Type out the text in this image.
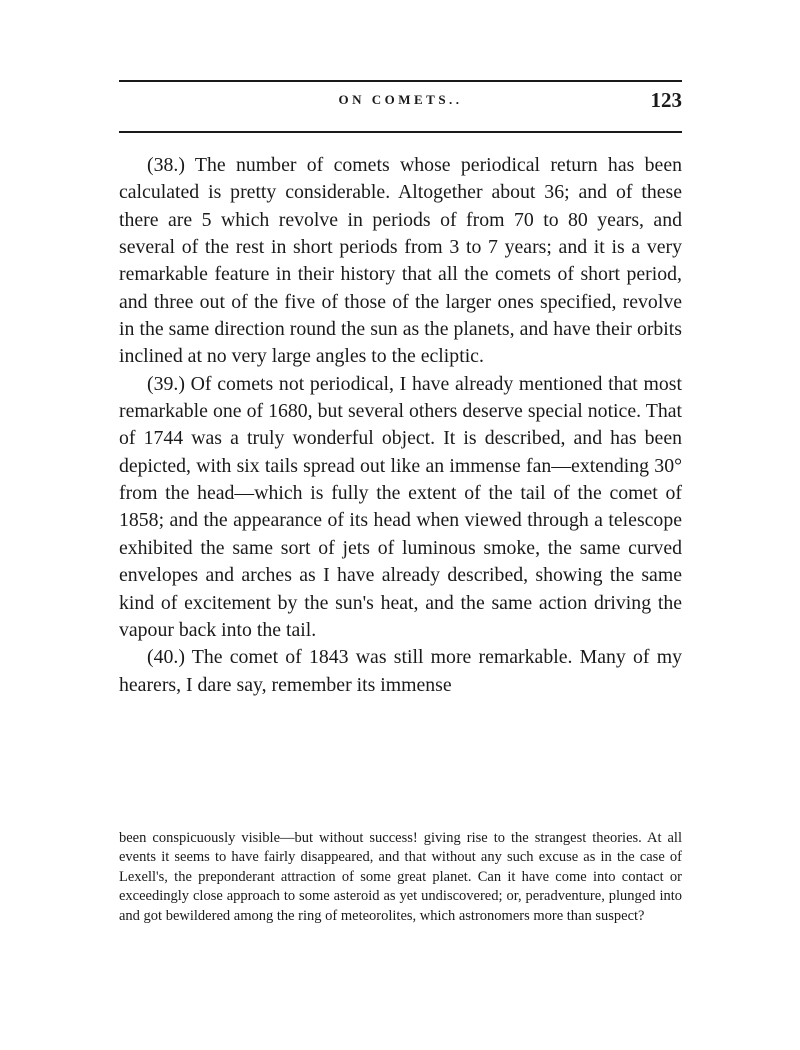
ON COMETS..	123

(38.) The number of comets whose periodical return has been calculated is pretty considerable. Altogether about 36; and of these there are 5 which revolve in periods of from 70 to 80 years, and several of the rest in short periods from 3 to 7 years; and it is a very remarkable feature in their history that all the comets of short period, and three out of the five of those of the larger ones specified, revolve in the same direction round the sun as the planets, and have their orbits inclined at no very large angles to the ecliptic.

(39.) Of comets not periodical, I have already mentioned that most remarkable one of 1680, but several others deserve special notice. That of 1744 was a truly wonderful object. It is described, and has been depicted, with six tails spread out like an immense fan—extending 30° from the head—which is fully the extent of the tail of the comet of 1858; and the appearance of its head when viewed through a telescope exhibited the same sort of jets of luminous smoke, the same curved envelopes and arches as I have already described, showing the same kind of excitement by the sun's heat, and the same action driving the vapour back into the tail.

(40.) The comet of 1843 was still more remarkable. Many of my hearers, I dare say, remember its immense

been conspicuously visible—but without success! giving rise to the strangest theories. At all events it seems to have fairly disappeared, and that without any such excuse as in the case of Lexell's, the preponderant attraction of some great planet. Can it have come into contact or exceedingly close approach to some asteroid as yet undiscovered; or, peradventure, plunged into and got bewildered among the ring of meteorolites, which astronomers more than suspect?
